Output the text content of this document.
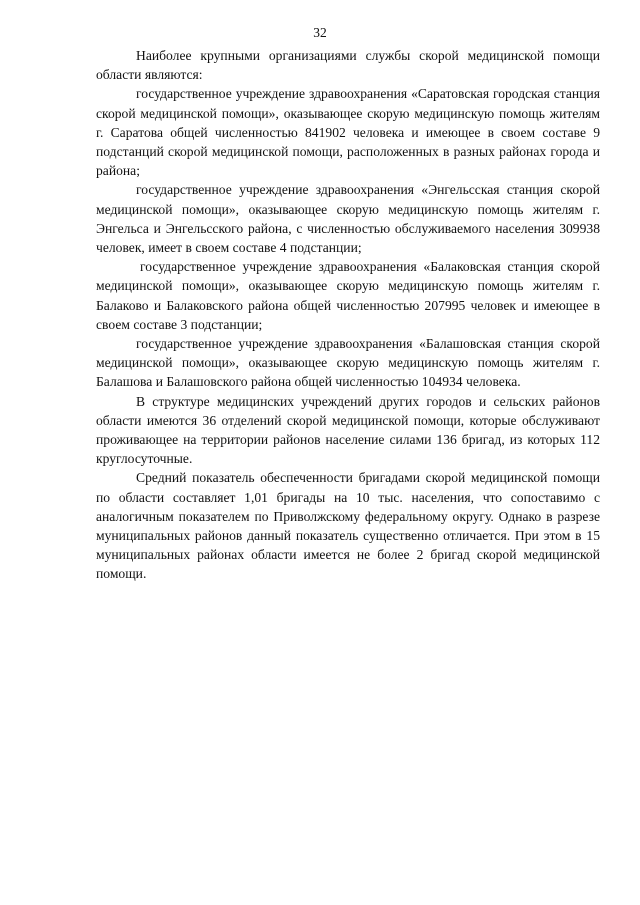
32

Наиболее крупными организациями службы скорой медицинской помощи области являются:

государственное учреждение здравоохранения «Саратовская городская станция скорой медицинской помощи», оказывающее скорую медицинскую помощь жителям г. Саратова общей численностью 841902 человека и имеющее в своем составе 9 подстанций скорой медицинской помощи, расположенных в разных районах города и района;

государственное учреждение здравоохранения «Энгельсская станция скорой медицинской помощи», оказывающее скорую медицинскую помощь жителям г. Энгельса и Энгельсского района, с численностью обслуживаемого населения 309938 человек, имеет в своем составе 4 подстанции;

государственное учреждение здравоохранения «Балаковская станция скорой медицинской помощи», оказывающее скорую медицинскую помощь жителям г. Балаково и Балаковского района общей численностью 207995 человек и имеющее в своем составе 3 подстанции;

государственное учреждение здравоохранения «Балашовская станция скорой медицинской помощи», оказывающее скорую медицинскую помощь жителям г. Балашова и Балашовского района общей численностью 104934 человека.

В структуре медицинских учреждений других городов и сельских районов области имеются 36 отделений скорой медицинской помощи, которые обслуживают проживающее на территории районов население силами 136 бригад, из которых 112 круглосуточные.

Средний показатель обеспеченности бригадами скорой медицинской помощи по области составляет 1,01 бригады на 10 тыс. населения, что сопоставимо с аналогичным показателем по Приволжскому федеральному округу. Однако в разрезе муниципальных районов данный показатель существенно отличается. При этом в 15 муниципальных районах области имеется не более 2 бригад скорой медицинской помощи.
